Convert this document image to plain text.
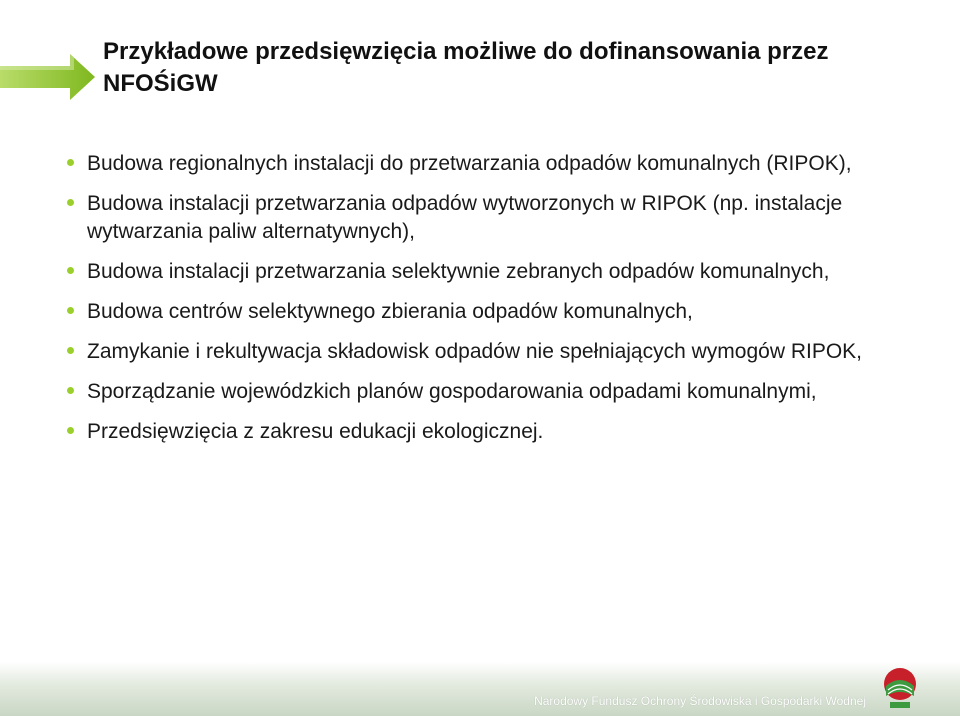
Przykładowe przedsięwzięcia możliwe do dofinansowania przez NFOŚiGW
Budowa regionalnych instalacji do przetwarzania odpadów komunalnych (RIPOK),
Budowa instalacji przetwarzania odpadów wytworzonych w RIPOK (np. instalacje wytwarzania paliw alternatywnych),
Budowa instalacji przetwarzania selektywnie zebranych odpadów komunalnych,
Budowa centrów selektywnego zbierania odpadów komunalnych,
Zamykanie i rekultywacja składowisk odpadów nie spełniających wymogów RIPOK,
Sporządzanie wojewódzkich planów gospodarowania odpadami komunalnymi,
Przedsięwzięcia z zakresu edukacji ekologicznej.
Narodowy Fundusz Ochrony Środowiska i Gospodarki Wodnej
